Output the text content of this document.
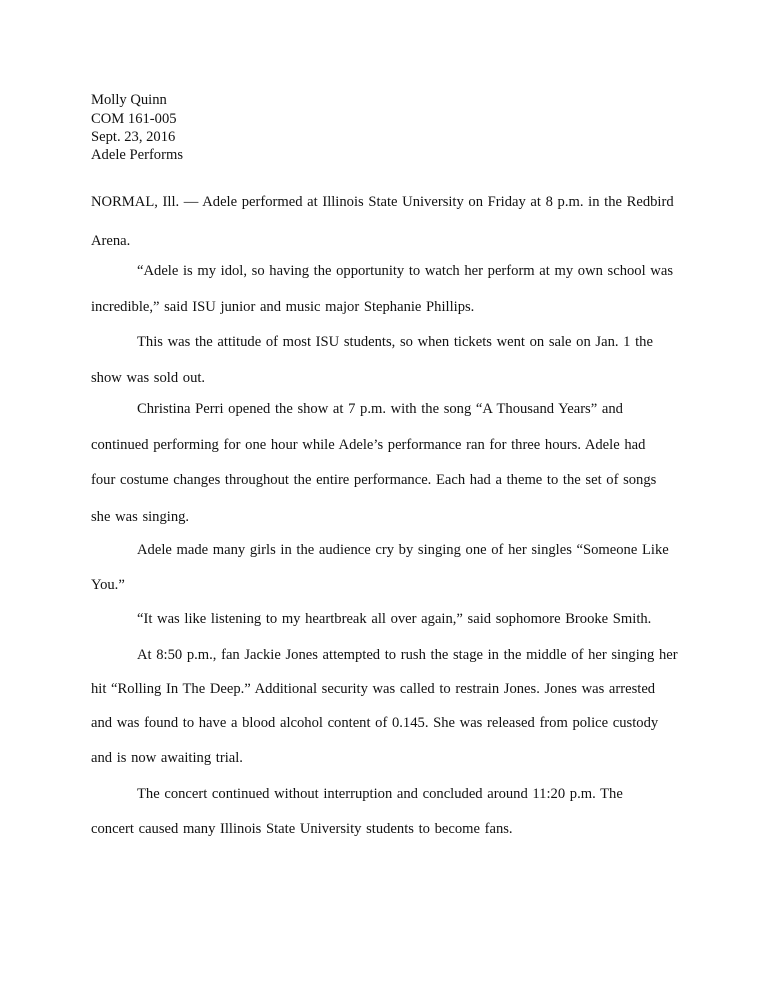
Molly Quinn
COM 161-005
Sept. 23, 2016
Adele Performs
NORMAL, Ill. — Adele performed at Illinois State University on Friday at 8 p.m. in the Redbird
Arena.
“Adele is my idol, so having the opportunity to watch her perform at my own school was
incredible,” said ISU junior and music major Stephanie Phillips.
This was the attitude of most ISU students, so when tickets went on sale on Jan. 1 the
show was sold out.
Christina Perri opened the show at 7 p.m. with the song “A Thousand Years” and
continued performing for one hour while Adele’s performance ran for three hours. Adele had
four costume changes throughout the entire performance. Each had a theme to the set of songs
she was singing.
Adele made many girls in the audience cry by singing one of her singles “Someone Like
You.”
“It was like listening to my heartbreak all over again,” said sophomore Brooke Smith.
At 8:50 p.m., fan Jackie Jones attempted to rush the stage in the middle of her singing her
hit “Rolling In The Deep.” Additional security was called to restrain Jones. Jones was arrested
and was found to have a blood alcohol content of 0.145. She was released from police custody
and is now awaiting trial.
The concert continued without interruption and concluded around 11:20 p.m. The
concert caused many Illinois State University students to become fans.
